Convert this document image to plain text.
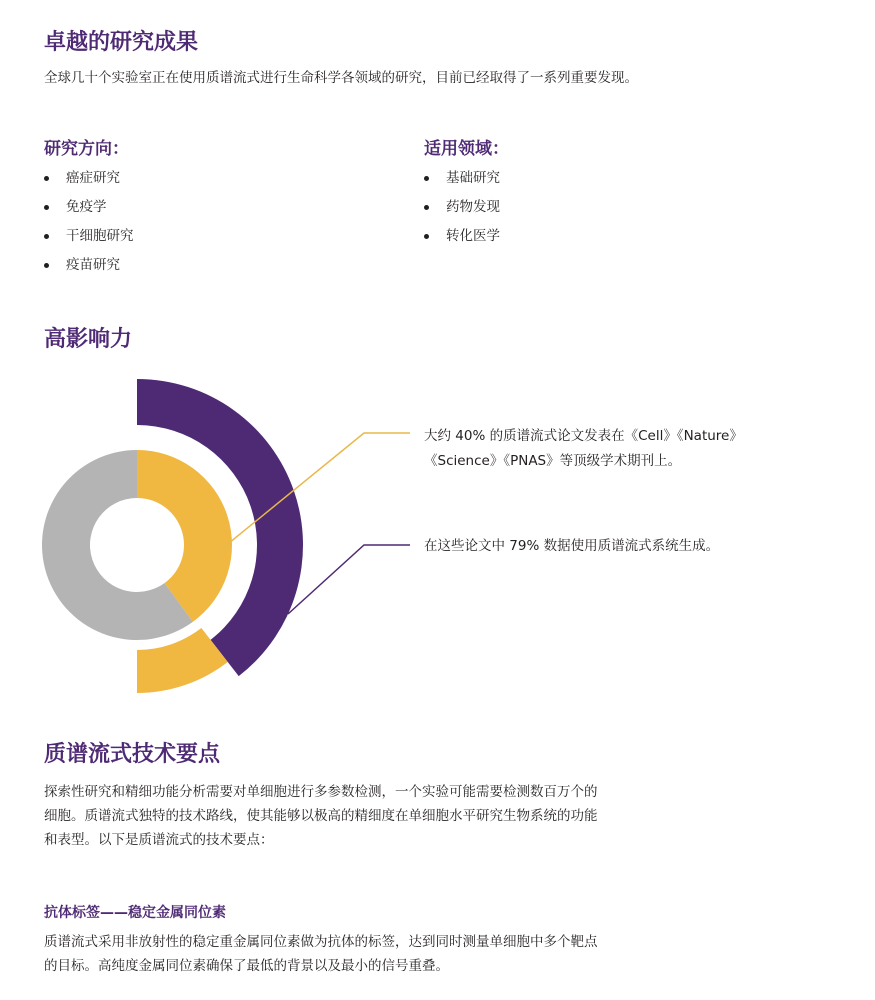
卓越的研究成果

全球几十个实验室正在使用质谱流式进行生命科学各领域的研究，目前已经取得了一系列重要发现。

研究方向：
癌症研究
免疫学
干细胞研究
疫苗研究
适用领域：
基础研究
药物发现
转化医学
高影响力

大约 40% 的质谱流式论文发表在《Cell》《Nature》
《Science》《PNAS》等顶级学术期刊上。

在这些论文中 79% 数据使用质谱流式系统生成。

质谱流式技术要点

探索性研究和精细功能分析需要对单细胞进行多参数检测，一个实验可能需要检测数百万个的
细胞。质谱流式独特的技术路线，使其能够以极高的精细度在单细胞水平研究生物系统的功能
和表型。以下是质谱流式的技术要点：

抗体标签——稳定金属同位素

质谱流式采用非放射性的稳定重金属同位素做为抗体的标签，达到同时测量单细胞中多个靶点
的目标。高纯度金属同位素确保了最低的背景以及最小的信号重叠。
